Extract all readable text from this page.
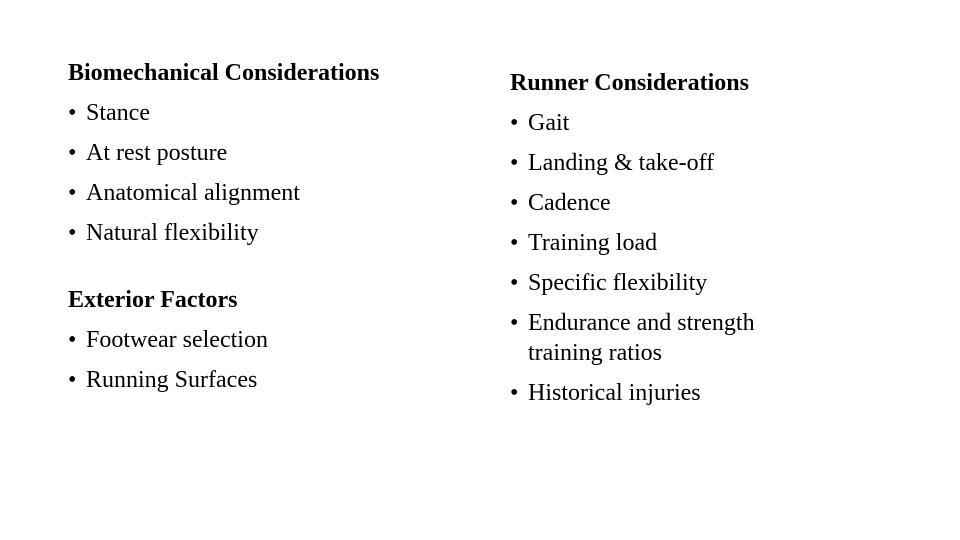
Biomechanical Considerations

• Stance
• At rest posture
• Anatomical alignment
• Natural flexibility

Exterior Factors

• Footwear selection
• Running Surfaces

Runner Considerations

• Gait
• Landing & take-off
• Cadence
• Training load
• Specific flexibility
• Endurance and strength training ratios
• Historical injuries
